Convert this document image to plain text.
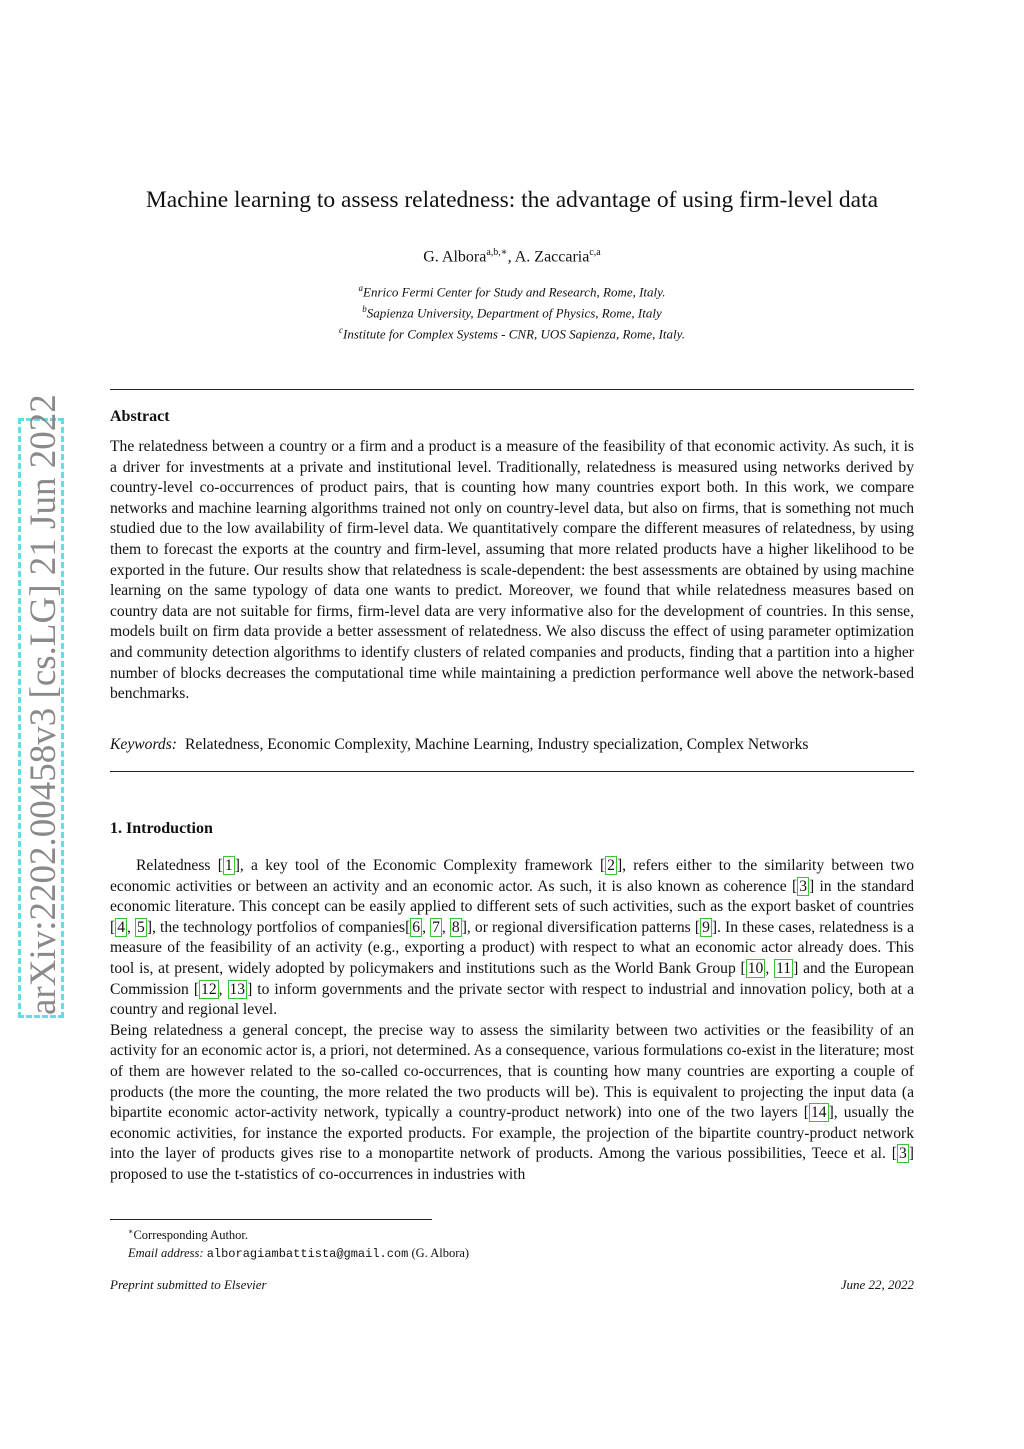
arXiv:2202.00458v3 [cs.LG] 21 Jun 2022
Machine learning to assess relatedness: the advantage of using firm-level data
G. Albora$^{a,b,∗}$, A. Zaccaria$^{c,a}$
$^a$Enrico Fermi Center for Study and Research, Rome, Italy.
$^b$Sapienza University, Department of Physics, Rome, Italy
$^c$Institute for Complex Systems - CNR, UOS Sapienza, Rome, Italy.
Abstract
The relatedness between a country or a firm and a product is a measure of the feasibility of that economic activity. As such, it is a driver for investments at a private and institutional level. Traditionally, relatedness is measured using networks derived by country-level co-occurrences of product pairs, that is counting how many countries export both. In this work, we compare networks and machine learning algorithms trained not only on country-level data, but also on firms, that is something not much studied due to the low availability of firm-level data. We quantitatively compare the different measures of relatedness, by using them to forecast the exports at the country and firm-level, assuming that more related products have a higher likelihood to be exported in the future. Our results show that relatedness is scale-dependent: the best assessments are obtained by using machine learning on the same typology of data one wants to predict. Moreover, we found that while relatedness measures based on country data are not suitable for firms, firm-level data are very informative also for the development of countries. In this sense, models built on firm data provide a better assessment of relatedness. We also discuss the effect of using parameter optimization and community detection algorithms to identify clusters of related companies and products, finding that a partition into a higher number of blocks decreases the computational time while maintaining a prediction performance well above the network-based benchmarks.
Keywords: Relatedness, Economic Complexity, Machine Learning, Industry specialization, Complex Networks
1. Introduction

Relatedness [ 1 ], a key tool of the Economic Complexity framework [ 2 ], refers either to the similarity between two economic activities or between an activity and an economic actor. As such, it is also known as coherence [ 3 ] in the standard economic literature. This concept can be easily applied to different sets of such activities, such as the export basket of countries [ 4 , 5 ], the technology portfolios of companies[ 6 , 7 , 8 ], or regional diversification patterns [ 9 ]. In these cases, relatedness is a measure of the feasibility of an activity (e.g., exporting a product) with respect to what an economic actor already does. This tool is, at present, widely adopted by policymakers and institutions such as the World Bank Group [ 10 , 11 ] and the European Commission [ 12 , 13 ] to inform governments and the private sector with respect to industrial and innovation policy, both at a country and regional level.

Being relatedness a general concept, the precise way to assess the similarity between two activities or the feasibility of an activity for an economic actor is, a priori, not determined. As a consequence, various formulations co-exist in the literature; most of them are however related to the so-called co-occurrences, that is counting how many countries are exporting a couple of products (the more the counting, the more related the two products will be). This is equivalent to projecting the input data (a bipartite economic actor-activity network, typically a country-product network) into one of the two layers [ 14 ], usually the economic activities, for instance the exported products. For example, the projection of the bipartite country-product network into the layer of products gives rise to a monopartite network of products. Among the various possibilities, Teece et al. [ 3 ] proposed to use the t-statistics of co-occurrences in industries with

∗Corresponding Author.
Email address: alboragiambattista@gmail.com (G. Albora)
Preprint submitted to Elsevier	June 22, 2022
